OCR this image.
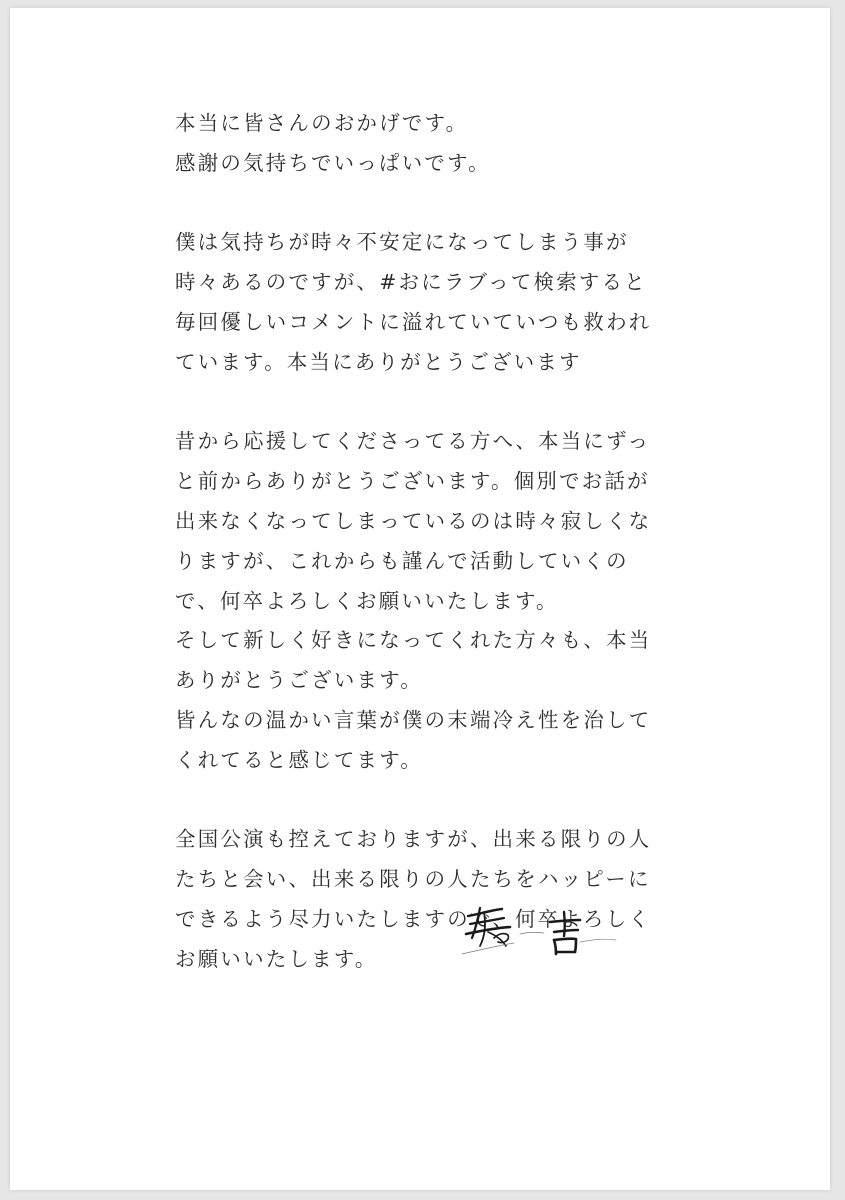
本当に皆さんのおかげです。
感謝の気持ちでいっぱいです。
僕は気持ちが時々不安定になってしまう事が
時々あるのですが、#おにラブって検索すると
毎回優しいコメントに溢れていていつも救われ
ています。本当にありがとうございます
昔から応援してくださってる方へ、本当にずっ
と前からありがとうございます。個別でお話が
出来なくなってしまっているのは時々寂しくな
りますが、これからも謹んで活動していくの
で、何卒よろしくお願いいたします。
そして新しく好きになってくれた方々も、本当
ありがとうございます。
皆んなの温かい言葉が僕の末端冷え性を治して
くれてると感じてます。
全国公演も控えておりますが、出来る限りの人
たちと会い、出来る限りの人たちをハッピーに
できるよう尽力いたしますので、何卒よろしく
お願いいたします。
